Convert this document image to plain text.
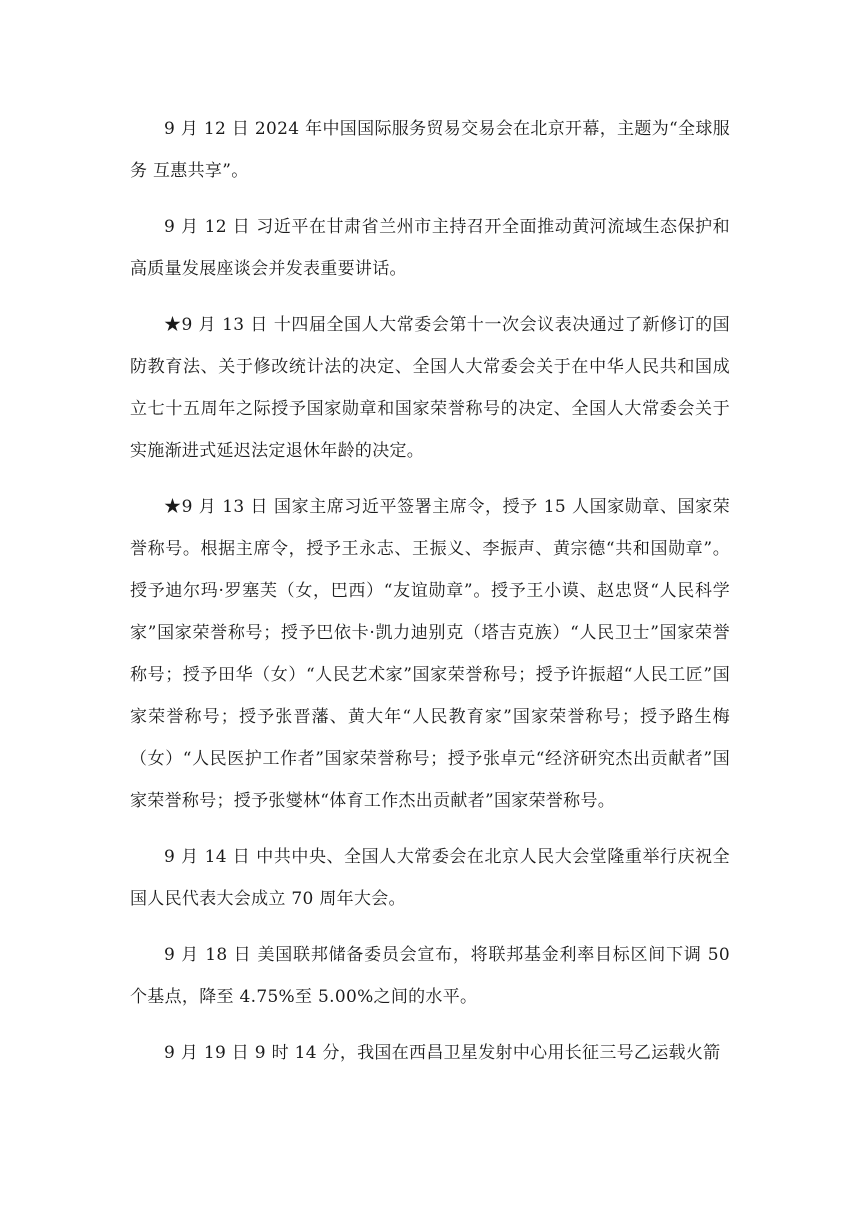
9 月 12 日 2024 年中国国际服务贸易交易会在北京开幕，主题为“全球服务 互惠共享”。

9 月 12 日 习近平在甘肃省兰州市主持召开全面推动黄河流域生态保护和高质量发展座谈会并发表重要讲话。

★9 月 13 日 十四届全国人大常委会第十一次会议表决通过了新修订的国防教育法、关于修改统计法的决定、全国人大常委会关于在中华人民共和国成立七十五周年之际授予国家勋章和国家荣誉称号的决定、全国人大常委会关于实施渐进式延迟法定退休年龄的决定。

★9 月 13 日 国家主席习近平签署主席令，授予 15 人国家勋章、国家荣誉称号。根据主席令，授予王永志、王振义、李振声、黄宗德“共和国勋章”。授予迪尔玛·罗塞芙（女，巴西）“友谊勋章”。授予王小谟、赵忠贤“人民科学家”国家荣誉称号；授予巴依卡·凯力迪别克（塔吉克族）“人民卫士”国家荣誉称号；授予田华（女）“人民艺术家”国家荣誉称号；授予许振超“人民工匠”国家荣誉称号；授予张晋藩、黄大年“人民教育家”国家荣誉称号；授予路生梅（女）“人民医护工作者”国家荣誉称号；授予张卓元“经济研究杰出贡献者”国家荣誉称号；授予张燮林“体育工作杰出贡献者”国家荣誉称号。

9 月 14 日 中共中央、全国人大常委会在北京人民大会堂隆重举行庆祝全国人民代表大会成立 70 周年大会。

9 月 18 日 美国联邦储备委员会宣布，将联邦基金利率目标区间下调 50 个基点，降至 4.75%至 5.00%之间的水平。

9 月 19 日 9 时 14 分，我国在西昌卫星发射中心用长征三号乙运载火箭
